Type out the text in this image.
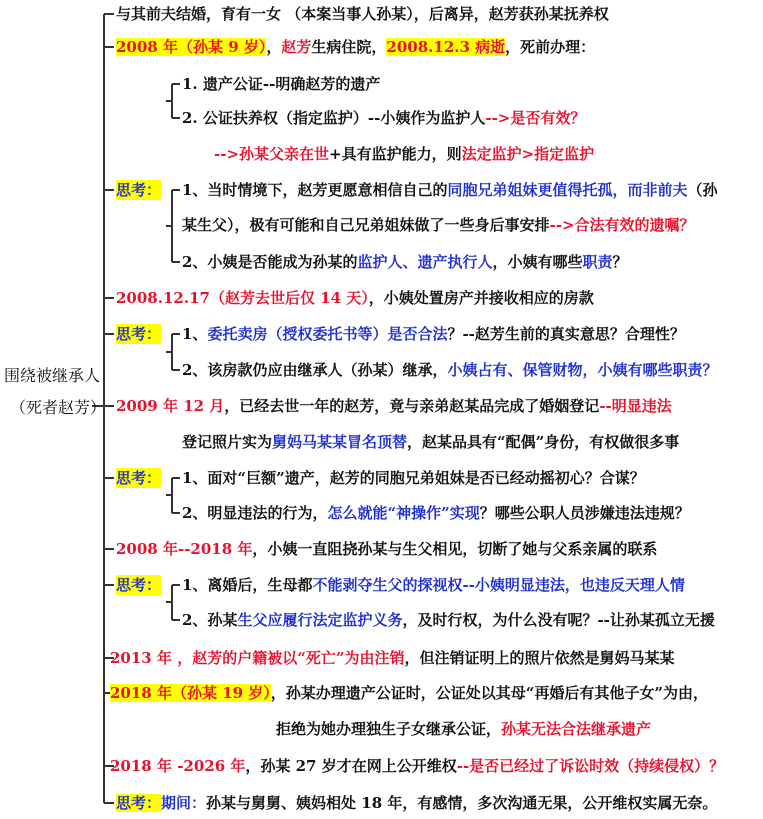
围绕被继承人
（死者赵芳）
与其前夫结婚，育有一女 （本案当事人孙某），后离异，赵芳获孙某抚养权
2008 年（孙某 9 岁），赵芳生病住院，2008.12.3 病逝，死前办理：
1. 遗产公证--明确赵芳的遗产
2. 公证扶养权（指定监护）--小姨作为监护人-->是否有效？
-->孙某父亲在世+具有监护能力，则法定监护>指定监护
思考： 1、当时情境下，赵芳更愿意相信自己的同胞兄弟姐妹更值得托孤，而非前夫（孙
某生父），极有可能和自己兄弟姐妹做了一些身后事安排-->合法有效的遗嘱？
2、小姨是否能成为孙某的监护人、遗产执行人，小姨有哪些职责？
2008.12.17（赵芳去世后仅 14 天），小姨处置房产并接收相应的房款
思考： 1、委托卖房（授权委托书等）是否合法？--赵芳生前的真实意思？合理性？
2、该房款仍应由继承人（孙某）继承，小姨占有、保管财物，小姨有哪些职责？
2009 年 12 月，已经去世一年的赵芳，竟与亲弟赵某品完成了婚姻登记--明显违法
登记照片实为舅妈马某某冒名顶替，赵某品具有“配偶”身份，有权做很多事
思考： 1、面对“巨额”遗产，赵芳的同胞兄弟姐妹是否已经动摇初心？合谋？
2、明显违法的行为，怎么就能“神操作”实现？哪些公职人员涉嫌违法违规？
2008 年--2018 年，小姨一直阻挠孙某与生父相见，切断了她与父系亲属的联系
思考： 1、离婚后，生母都不能剥夺生父的探视权--小姨明显违法，也违反天理人情
2、孙某生父应履行法定监护义务，及时行权，为什么没有呢？--让孙某孤立无援
2013 年 ，赵芳的户籍被以“死亡”为由注销，但注销证明上的照片依然是舅妈马某某
2018 年（孙某 19 岁），孙某办理遗产公证时，公证处以其母“再婚后有其他子女”为由，
拒绝为她办理独生子女继承公证，孙某无法合法继承遗产
2018 年 -2026 年，孙某 27 岁才在网上公开维权--是否已经过了诉讼时效（持续侵权）？
思考：期间：孙某与舅舅、姨妈相处 18 年，有感情，多次沟通无果，公开维权实属无奈。
